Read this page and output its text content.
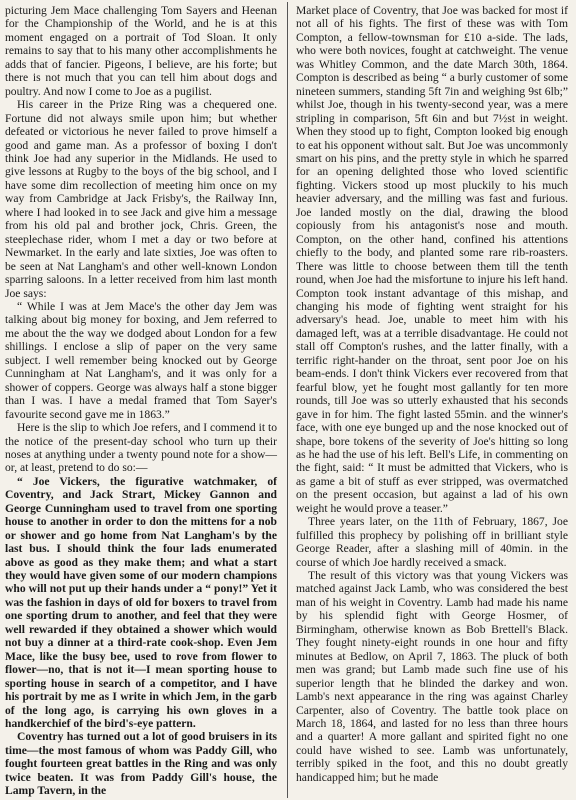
picturing Jem Mace challenging Tom Sayers and Heenan for the Championship of the World, and he is at this moment engaged on a portrait of Tod Sloan. It only remains to say that to his many other accomplishments he adds that of fancier. Pigeons, I believe, are his forte; but there is not much that you can tell him about dogs and poultry. And now I come to Joe as a pugilist.

His career in the Prize Ring was a chequered one. Fortune did not always smile upon him; but whether defeated or victorious he never failed to prove himself a good and game man. As a professor of boxing I don't think Joe had any superior in the Midlands. He used to give lessons at Rugby to the boys of the big school, and I have some dim recollection of meeting him once on my way from Cambridge at Jack Frisby's, the Railway Inn, where I had looked in to see Jack and give him a message from his old pal and brother jock, Chris. Green, the steeplechase rider, whom I met a day or two before at Newmarket. In the early and late sixties, Joe was often to be seen at Nat Langham's and other well-known London sparring saloons. In a letter received from him last month Joe says:

“ While I was at Jem Mace's the other day Jem was talking about big money for boxing, and Jem referred to me about the the way we dodged about London for a few shillings. I enclose a slip of paper on the very same subject. I well remember being knocked out by George Cunningham at Nat Langham's, and it was only for a shower of coppers. George was always half a stone bigger than I was. I have a medal framed that Tom Sayer's favourite second gave me in 1863.”

Here is the slip to which Joe refers, and I commend it to the notice of the present-day school who turn up their noses at anything under a twenty pound note for a show—or, at least, pretend to do so:—

“ Joe Vickers, the figurative watchmaker, of Coventry, and Jack Strart, Mickey Gannon and George Cunningham used to travel from one sporting house to another in order to don the mittens for a nob or shower and go home from Nat Langham's by the last bus. I should think the four lads enumerated above as good as they make them; and what a start they would have given some of our modern champions who will not put up their hands under a “ pony!” Yet it was the fashion in days of old for boxers to travel from one sporting drum to another, and feel that they were well rewarded if they obtained a shower which would not buy a dinner at a third-rate cook-shop. Even Jem Mace, like the busy bee, used to rove from flower to flower—no, that is not it—I mean sporting house to sporting house in search of a competitor, and I have his portrait by me as I write in which Jem, in the garb of the long ago, is carrying his own gloves in a handkerchief of the bird's-eye pattern.

Coventry has turned out a lot of good bruisers in its time—the most famous of whom was Paddy Gill, who fought fourteen great battles in the Ring and was only twice beaten. It was from Paddy Gill's house, the Lamp Tavern, in the

Market place of Coventry, that Joe was backed for most if not all of his fights. The first of these was with Tom Compton, a fellow-townsman for £10 a-side. The lads, who were both novices, fought at catchweight. The venue was Whitley Common, and the date March 30th, 1864. Compton is described as being “ a burly customer of some nineteen summers, standing 5ft 7in and weighing 9st 6lb;” whilst Joe, though in his twenty-second year, was a mere stripling in comparison, 5ft 6in and but 7½st in weight. When they stood up to fight, Compton looked big enough to eat his opponent without salt. But Joe was uncommonly smart on his pins, and the pretty style in which he sparred for an opening delighted those who loved scientific fighting. Vickers stood up most pluckily to his much heavier adversary, and the milling was fast and furious. Joe landed mostly on the dial, drawing the blood copiously from his antagonist's nose and mouth. Compton, on the other hand, confined his attentions chiefly to the body, and planted some rare rib-roasters. There was little to choose between them till the tenth round, when Joe had the misfortune to injure his left hand. Compton took instant advantage of this mishap, and changing his mode of fighting went straight for his adversary's head. Joe, unable to meet him with his damaged left, was at a terrible disadvantage. He could not stall off Compton's rushes, and the latter finally, with a terrific right-hander on the throat, sent poor Joe on his beam-ends. I don't think Vickers ever recovered from that fearful blow, yet he fought most gallantly for ten more rounds, till Joe was so utterly exhausted that his seconds gave in for him. The fight lasted 55min. and the winner's face, with one eye bunged up and the nose knocked out of shape, bore tokens of the severity of Joe's hitting so long as he had the use of his left. Bell's Life, in commenting on the fight, said: “ It must be admitted that Vickers, who is as game a bit of stuff as ever stripped, was overmatched on the present occasion, but against a lad of his own weight he would prove a teaser.”

Three years later, on the 11th of February, 1867, Joe fulfilled this prophecy by polishing off in brilliant style George Reader, after a slashing mill of 40min. in the course of which Joe hardly received a smack.

The result of this victory was that young Vickers was matched against Jack Lamb, who was considered the best man of his weight in Coventry. Lamb had made his name by his splendid fight with George Hosmer, of Birmingham, otherwise known as Bob Brettell's Black. They fought ninety-eight rounds in one hour and fifty minutes at Bedlow, on April 7, 1863. The pluck of both men was grand; but Lamb made such fine use of his superior length that he blinded the darkey and won. Lamb's next appearance in the ring was against Charley Carpenter, also of Coventry. The battle took place on March 18, 1864, and lasted for no less than three hours and a quarter! A more gallant and spirited fight no one could have wished to see. Lamb was unfortunately, terribly spiked in the foot, and this no doubt greatly handicapped him; but he made
